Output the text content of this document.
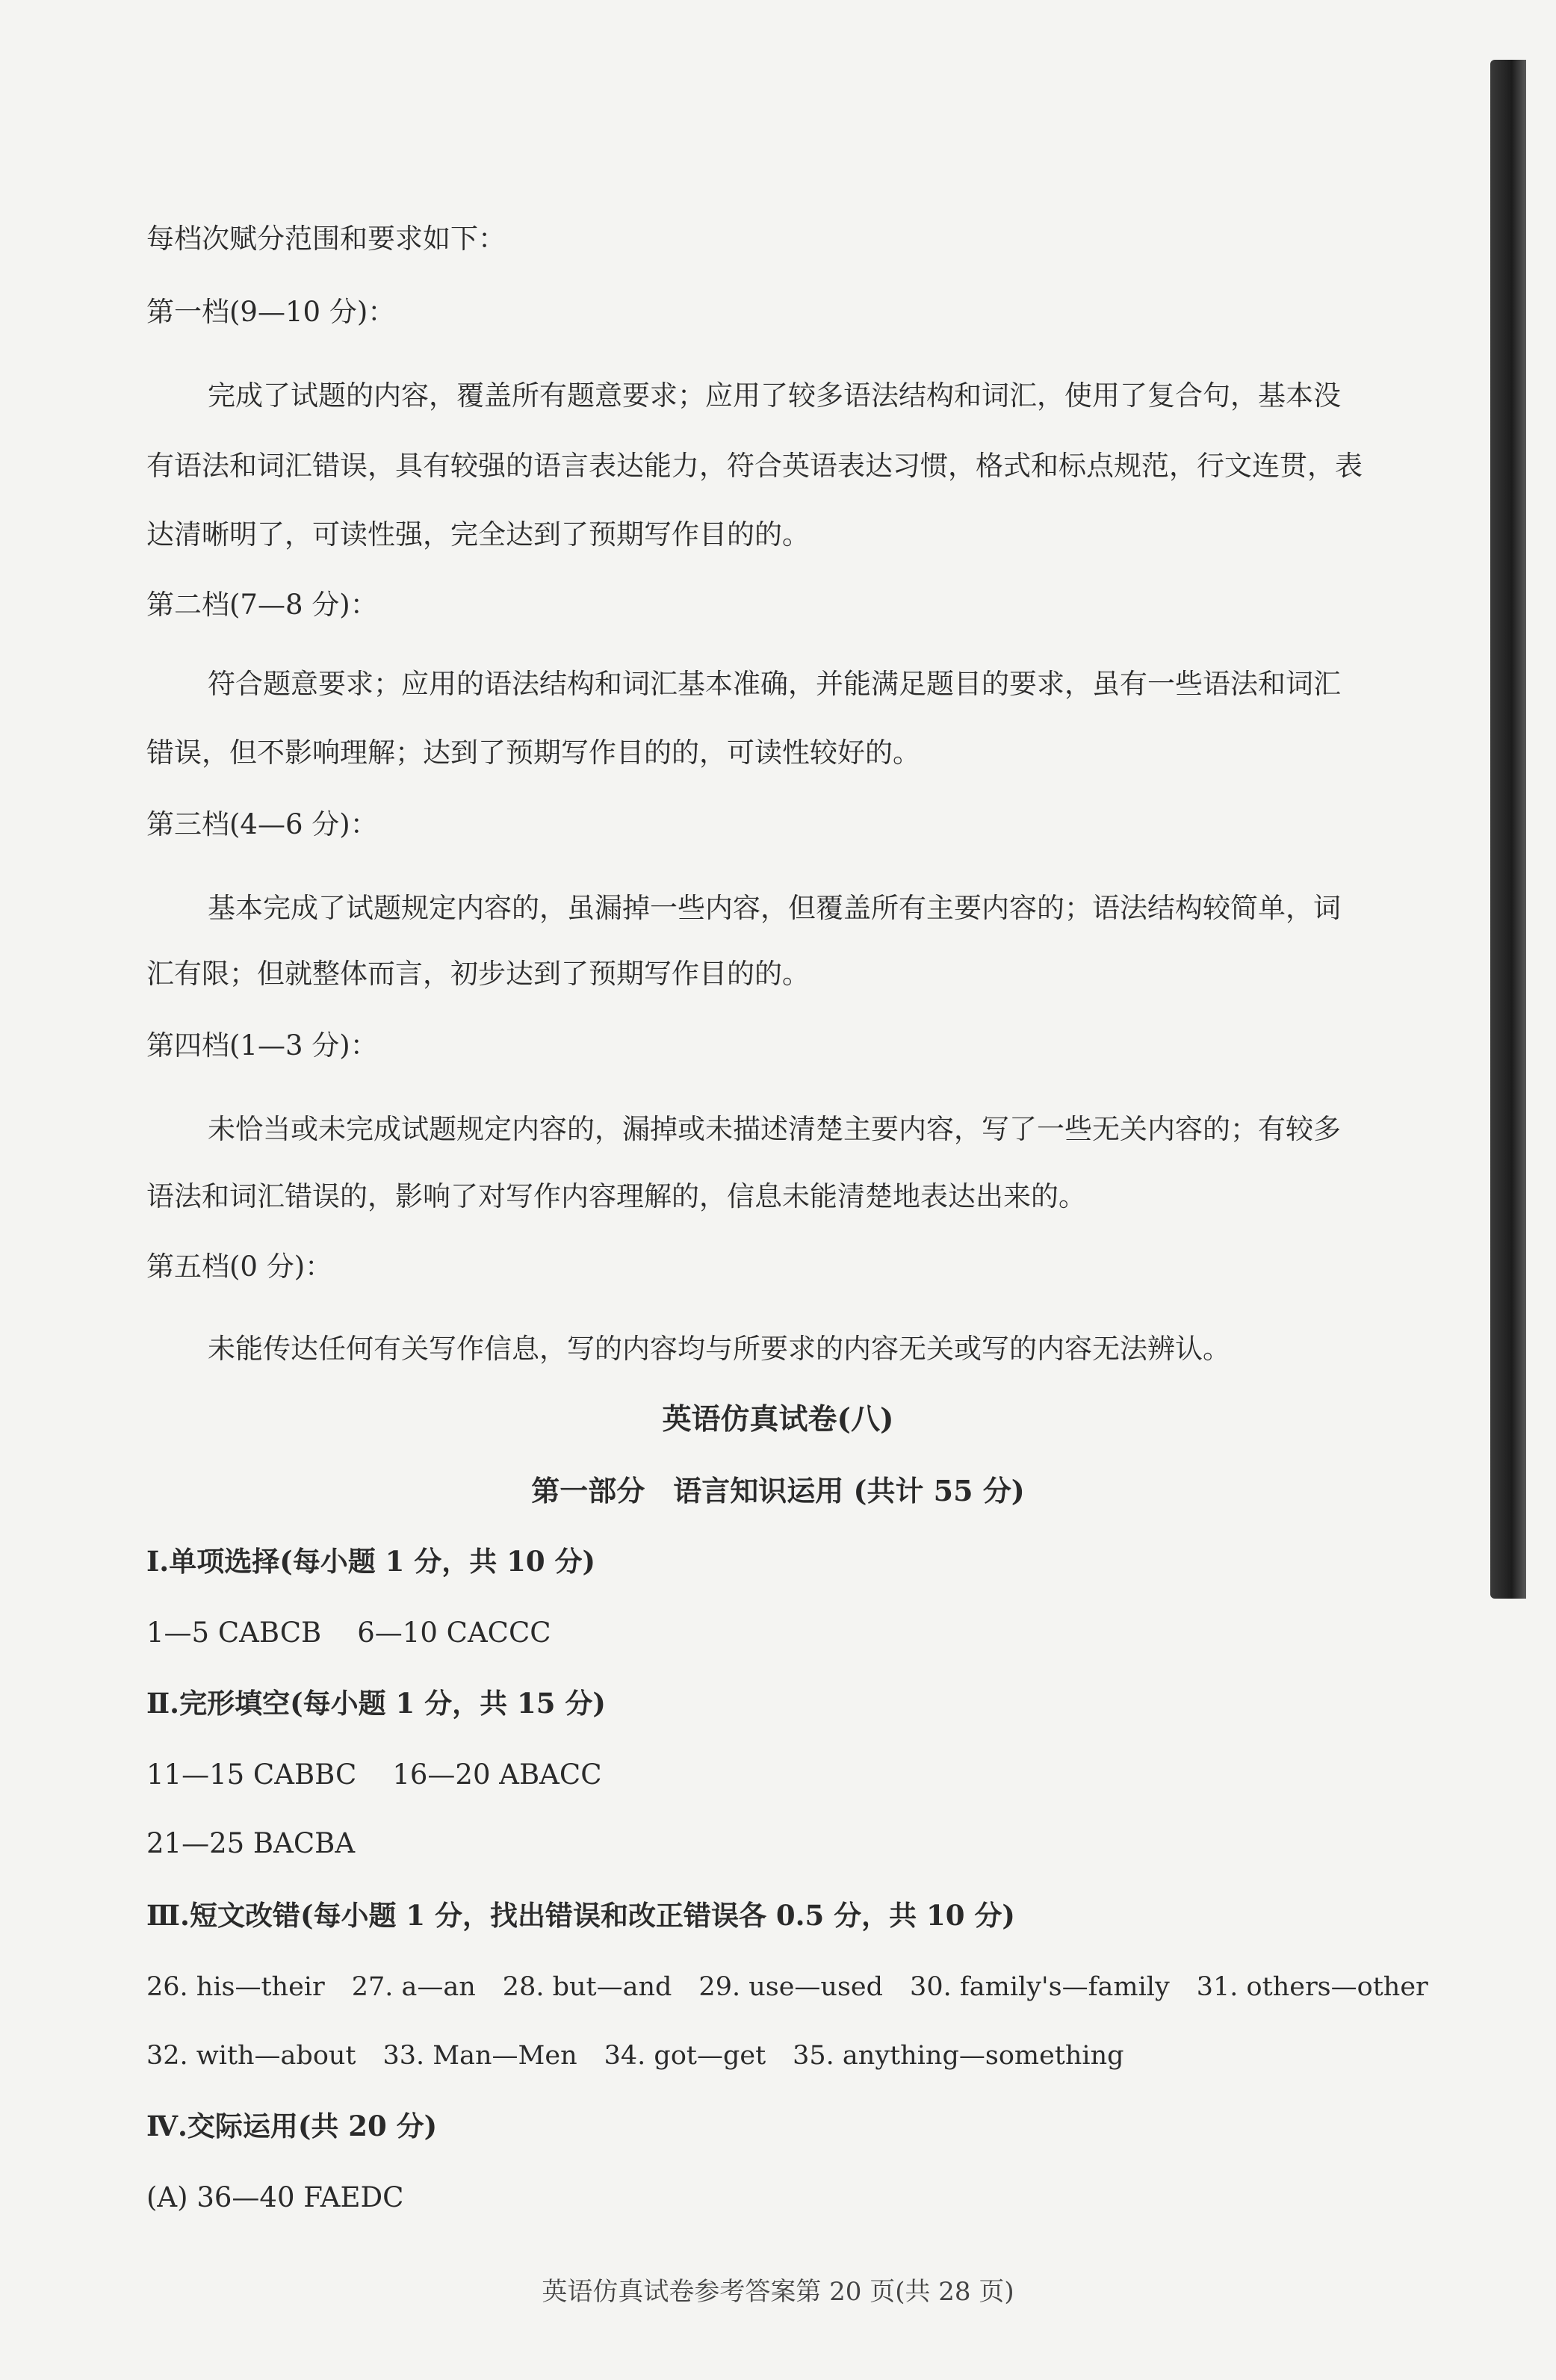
每档次赋分范围和要求如下：
第一档(9—10 分)：
完成了试题的内容，覆盖所有题意要求；应用了较多语法结构和词汇，使用了复合句，基本没
有语法和词汇错误，具有较强的语言表达能力，符合英语表达习惯，格式和标点规范，行文连贯，表
达清晰明了，可读性强，完全达到了预期写作目的的。
第二档(7—8 分)：
符合题意要求；应用的语法结构和词汇基本准确，并能满足题目的要求，虽有一些语法和词汇
错误，但不影响理解；达到了预期写作目的的，可读性较好的。
第三档(4—6 分)：
基本完成了试题规定内容的，虽漏掉一些内容，但覆盖所有主要内容的；语法结构较简单，词
汇有限；但就整体而言，初步达到了预期写作目的的。
第四档(1—3 分)：
未恰当或未完成试题规定内容的，漏掉或未描述清楚主要内容，写了一些无关内容的；有较多
语法和词汇错误的，影响了对写作内容理解的，信息未能清楚地表达出来的。
第五档(0 分)：
未能传达任何有关写作信息，写的内容均与所要求的内容无关或写的内容无法辨认。
英语仿真试卷(八)
第一部分　语言知识运用 (共计 55 分)
Ⅰ.单项选择(每小题 1 分，共 10 分)
1—5 CABCB 6—10 CACCC
Ⅱ.完形填空(每小题 1 分，共 15 分)
11—15 CABBC 16—20 ABACC
21—25 BACBA
Ⅲ.短文改错(每小题 1 分，找出错误和改正错误各 0.5 分，共 10 分)
26. his—their 27. a—an 28. but—and 29. use—used 30. family's—family 31. others—other
32. with—about 33. Man—Men 34. got—get 35. anything—something
Ⅳ.交际运用(共 20 分)
(A) 36—40 FAEDC
英语仿真试卷参考答案第 20 页(共 28 页)
